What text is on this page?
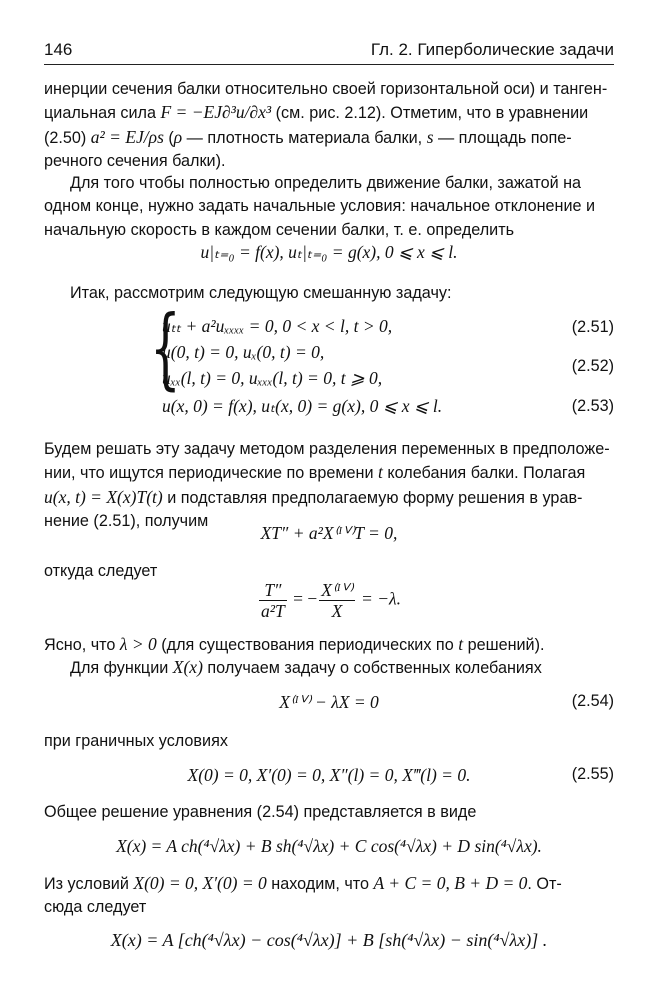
146	Гл. 2. Гиперболические задачи
инерции сечения балки относительно своей горизонтальной оси) и танген-
циальная сила F = −EJ∂³u/∂x³ (см. рис. 2.12). Отметим, что в уравнении
(2.50) a² = EJ/ρs (ρ — плотность материала балки, s — площадь попе-
речного сечения балки).
Для того чтобы полностью определить движение балки, зажатой на
одном конце, нужно задать начальные условия: начальное отклонение и
начальную скорость в каждом сечении балки, т. е. определить
u|ₜ₌₀ = f(x), uₜ|ₜ₌₀ = g(x), 0 ⩽ x ⩽ l.
Итак, рассмотрим следующую смешанную задачу:
{
uₜₜ + a²uₓₓₓₓ = 0, 0 < x < l, t > 0,
u(0, t) = 0, uₓ(0, t) = 0,
uₓₓ(l, t) = 0, uₓₓₓ(l, t) = 0, t ⩾ 0,
u(x, 0) = f(x), uₜ(x, 0) = g(x), 0 ⩽ x ⩽ l.
(2.51)
(2.52)
(2.53)
Будем решать эту задачу методом разделения переменных в предположе-
нии, что ищутся периодические по времени t колебания балки. Полагая
u(x, t) = X(x)T(t) и подставляя предполагаемую форму решения в урав-
нение (2.51), получим
XT″ + a²X⁽ᴵⱽ⁾T = 0,
откуда следует
$\frac{T''}{\text{a²T}}$ = − $\frac{\text{X⁽ᴵⱽ⁾}}{X} = -\lambda$.
Ясно, что λ > 0 (для существования периодических по t решений).
Для функции X(x) получаем задачу о собственных колебаниях
X⁽ᴵⱽ⁾ − λX = 0	(2.54)
при граничных условиях
X(0) = 0, X′(0) = 0, X″(l) = 0, X‴(l) = 0.	(2.55)
Общее решение уравнения (2.54) представляется в виде
X(x) = A ch(⁴√λx) + B sh(⁴√λx) + C cos(⁴√λx) + D sin(⁴√λx).
Из условий X(0) = 0, X′(0) = 0 находим, что A + C = 0, B + D = 0. От-
сюда следует
X(x) = A [ch(⁴√λx) − cos(⁴√λx)] + B [sh(⁴√λx) − sin(⁴√λx)] .
